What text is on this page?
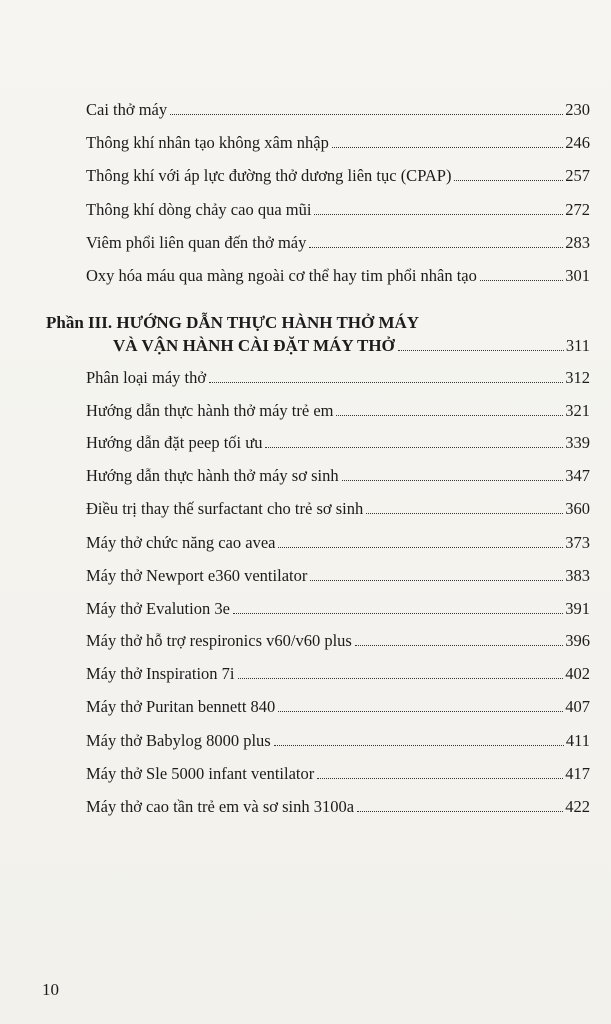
Cai thở máy	230
Thông khí nhân tạo không xâm nhập	246
Thông khí với áp lực đường thở dương liên tục (CPAP)	257
Thông khí dòng chảy cao qua mũi	272
Viêm phổi liên quan đến thở máy	283
Oxy hóa máu qua màng ngoài cơ thể hay tim phổi nhân tạo	301
Phần III.
HƯỚNG DẪN THỰC HÀNH THỞ MÁY
VÀ VẬN HÀNH CÀI ĐẶT MÁY THỞ	311
Phân loại máy thở	312
Hướng dẫn thực hành thở máy trẻ em	321
Hướng dẫn đặt peep tối ưu	339
Hướng dẫn thực hành thở máy sơ sinh	347
Điều trị thay thế surfactant cho trẻ sơ sinh	360
Máy thở chức năng cao avea	373
Máy thở Newport e360 ventilator	383
Máy thở Evalution 3e	391
Máy thở hỗ trợ respironics v60/v60 plus	396
Máy thở Inspiration 7i	402
Máy thở Puritan bennett 840	407
Máy thở Babylog 8000 plus	411
Máy thở Sle 5000 infant ventilator	417
Máy thở cao tần trẻ em và sơ sinh 3100a	422
10
